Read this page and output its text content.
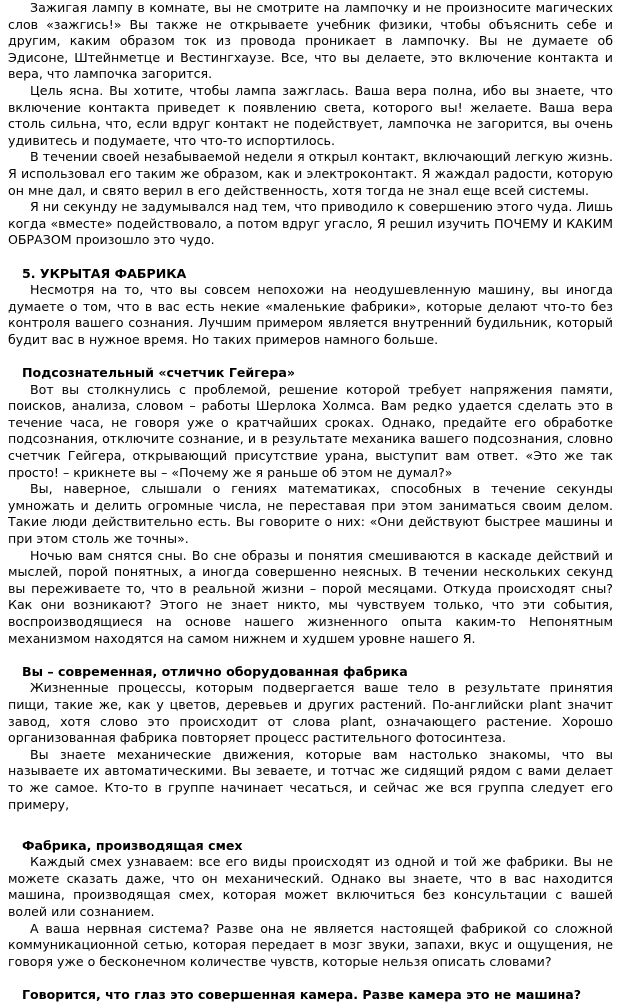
Зажигая лампу в комнате, вы не смотрите на лампочку и не произносите магических слов «зажгись!» Вы также не открываете учебник физики, чтобы объяснить себе и другим, каким образом ток из провода проникает в лампочку. Вы не думаете об Эдисоне, Штейнметце и Вестингхаузе. Все, что вы делаете, это включение контакта и вера, что лампочка загорится.
Цель ясна. Вы хотите, чтобы лампа зажглась. Ваша вера полна, ибо вы знаете, что включение контакта приведет к появлению света, которого вы! желаете. Ваша вера столь сильна, что, если вдруг контакт не подействует, лампочка не загорится, вы очень удивитесь и подумаете, что что-то испортилось.
В течении своей незабываемой недели я открыл контакт, включающий легкую жизнь. Я использовал его таким же образом, как и электроконтакт. Я жаждал радости, которую он мне дал, и свято верил в его действенность, хотя тогда не знал еще всей системы.
Я ни секунду не задумывался над тем, что приводило к совершению этого чуда. Лишь когда «вместе» подействовало, а потом вдруг угасло, Я решил изучить ПОЧЕМУ И КАКИМ ОБРАЗОМ произошло это чудо.
5. УКРЫТАЯ ФАБРИКА
Несмотря на то, что вы совсем непохожи на неодушевленную машину, вы иногда думаете о том, что в вас есть некие «маленькие фабрики», которые делают что-то без контроля вашего сознания. Лучшим примером является внутренний будильник, который будит вас в нужное время. Но таких примеров намного больше.
Подсознательный «счетчик Гейгера»
Вот вы столкнулись с проблемой, решение которой требует напряжения памяти, поисков, анализа, словом – работы Шерлока Холмса. Вам редко удается сделать это в течение часа, не говоря уже о кратчайших сроках. Однако, предайте его обработке подсознания, отключите сознание, и в результате механика вашего подсознания, словно счетчик Гейгера, открывающий присутствие урана, выступит вам ответ. «Это же так просто! – крикнете вы – «Почему же я раньше об этом не думал?»
Вы, наверное, слышали о гениях математиках, способных в течение секунды умножать и делить огромные числа, не переставая при этом заниматься своим делом. Такие люди действительно есть. Вы говорите о них: «Они действуют быстрее машины и при этом столь же точны».
Ночью вам снятся сны. Во сне образы и понятия смешиваются в каскаде действий и мыслей, порой понятных, а иногда совершенно неясных. В течении нескольких секунд вы переживаете то, что в реальной жизни – порой месяцами. Откуда происходят сны? Как они возникают? Этого не знает никто, мы чувствуем только, что эти события, воспроизводящиеся на основе нашего жизненного опыта каким-то Непонятным механизмом находятся на самом нижнем и худшем уровне нашего Я.
Вы – современная, отлично оборудованная фабрика
Жизненные процессы, которым подвергается ваше тело в результате принятия пищи, такие же, как у цветов, деревьев и других растений. По-английски plant значит завод, хотя слово это происходит от слова plant, означающего растение. Хорошо организованная фабрика повторяет процесс растительного фотосинтеза.
Вы знаете механические движения, которые вам настолько знакомы, что вы называете их автоматическими. Вы зеваете, и тотчас же сидящий рядом с вами делает то же самое. Кто-то в группе начинает чесаться, и сейчас же вся группа следует его примеру,
Фабрика, производящая смех
Каждый смех узнаваем: все его виды происходят из одной и той же фабрики. Вы не можете сказать даже, что он механический. Однако вы знаете, что в вас находится машина, производящая смех, которая может включиться без консультации с вашей волей или сознанием.
А ваша нервная система? Разве она не является настоящей фабрикой со сложной коммуникационной сетью, которая передает в мозг звуки, запахи, вкус и ощущения, не говоря уже о бесконечном количестве чувств, которые нельзя описать словами?
Говорится, что глаз это совершенная камера. Разве камера это не машина?
